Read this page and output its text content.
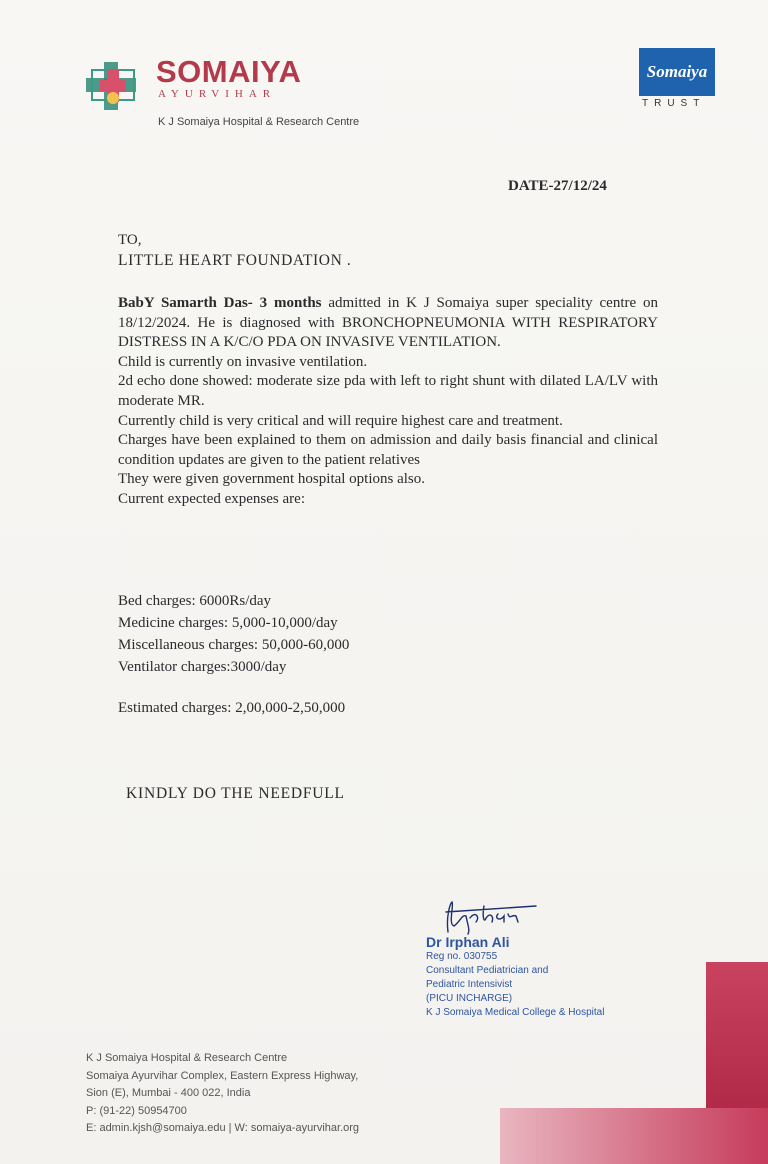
SOMAIYA
AYURVIHAR
K J Somaiya Hospital & Research Centre
Somaiya
TRUST
DATE-27/12/24
TO,
LITTLE HEART FOUNDATION .

BabY Samarth Das- 3 months admitted in K J Somaiya super speciality centre on 18/12/2024. He is diagnosed with BRONCHOPNEUMONIA WITH RESPIRATORY DISTRESS IN A K/C/O PDA ON INVASIVE VENTILATION.

Child is currently on invasive ventilation.

2d echo done showed: moderate size pda with left to right shunt with dilated LA/LV with moderate MR.

Currently child is very critical and will require highest care and treatment.

Charges have been explained to them on admission and daily basis financial and clinical condition updates are given to the patient relatives

They were given government hospital options also.

Current expected expenses are:

Bed charges: 6000Rs/day
Medicine charges: 5,000-10,000/day
Miscellaneous charges: 50,000-60,000
Ventilator charges:3000/day
Estimated charges: 2,00,000-2,50,000
KINDLY DO THE NEEDFULL
Dr Irphan Ali
Reg no. 030755
Consultant Pediatrician and
Pediatric Intensivist
(PICU INCHARGE)
K J Somaiya Medical College & Hospital
K J Somaiya Hospital & Research Centre
Somaiya Ayurvihar Complex, Eastern Express Highway,
Sion (E), Mumbai - 400 022, India
P: (91-22) 50954700
E: admin.kjsh@somaiya.edu | W: somaiya-ayurvihar.org
